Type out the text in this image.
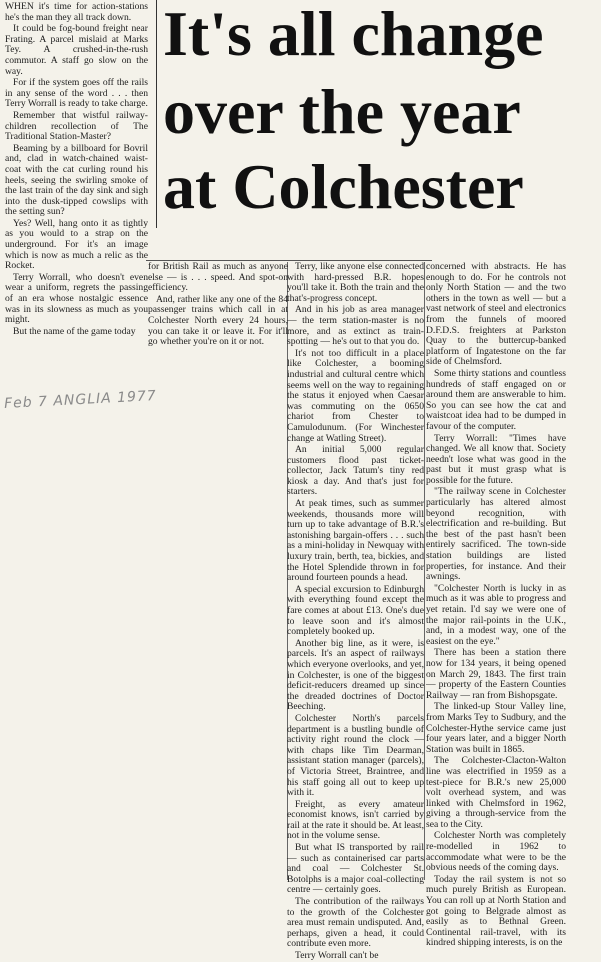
It's all change
over the year
at Colchester

WHEN it's time for action-stations he's the man they all track down.

It could be fog-bound freight near Frating. A parcel mislaid at Marks Tey. A crushed-in-the-rush commutor. A staff go slow on the way.

For if the system goes off the rails in any sense of the word . . . then Terry Worrall is ready to take charge.

Remember that wistful railway-children recollection of The Traditional Station-Master?

Beaming by a billboard for Bovril and, clad in watch-chained waist-coat with the cat curling round his heels, seeing the swirling smoke of the last train of the day sink and sigh into the dusk-tipped cowslips with the setting sun?

Yes? Well, hang onto it as tightly as you would to a strap on the underground. For it's an image which is now as much a relic as the Rocket.

Terry Worrall, who doesn't even wear a uniform, regrets the passing of an era whose nostalgic essence was in its slowness as much as you might.

But the name of the game today

for British Rail as much as anyone else — is . . . speed. And spot-on efficiency.

And, rather like any one of the 84 passenger trains which call in at Colchester North every 24 hours, you can take it or leave it. For it'll go whether you're on it or not.

Terry, like anyone else connected with hard-pressed B.R. hopes you'll take it. Both the train and the that's-progress concept.

And in his job as area manager — the term station-master is no more, and as extinct as train-spotting — he's out to that you do.

It's not too difficult in a place like Colchester, a booming industrial and cultural centre which seems well on the way to regaining the status it enjoyed when Caesar was commuting on the 0650 chariot from Chester to Camulodunum. (For Winchester change at Watling Street).

An initial 5,000 regular customers flood past ticket-collector, Jack Tatum's tiny red kiosk a day. And that's just for starters.

At peak times, such as summer weekends, thousands more will turn up to take advantage of B.R.'s astonishing bargain-offers . . . such as a mini-holiday in Newquay with luxury train, berth, tea, bickies, and the Hotel Splendide thrown in for around fourteen pounds a head.

A special excursion to Edinburgh with everything found except the fare comes at about £13. One's due to leave soon and it's almost completely booked up.

Another big line, as it were, is parcels. It's an aspect of railways which everyone overlooks, and yet, in Colchester, is one of the biggest deficit-reducers dreamed up since the dreaded doctrines of Doctor Beeching.

Colchester North's parcels department is a bustling bundle of activity right round the clock — with chaps like Tim Dearman, assistant station manager (parcels), of Victoria Street, Braintree, and his staff going all out to keep up with it.

Freight, as every amateur economist knows, isn't carried by rail at the rate it should be. At least, not in the volume sense.

But what IS transported by rail — such as containerised car parts and coal — Colchester St. Botolphs is a major coal-collecting centre — certainly goes.

The contribution of the railways to the growth of the Colchester area must remain undisputed. And, perhaps, given a head, it could contribute even more.

Terry Worrall can't be

concerned with abstracts. He has enough to do. For he controls not only North Station — and the two others in the town as well — but a vast network of steel and electronics from the funnels of moored D.F.D.S. freighters at Parkston Quay to the buttercup-banked platform of Ingatestone on the far side of Chelmsford.

Some thirty stations and countless hundreds of staff engaged on or around them are answerable to him. So you can see how the cat and waistcoat idea had to be dumped in favour of the computer.

Terry Worrall: "Times have changed. We all know that. Society needn't lose what was good in the past but it must grasp what is possible for the future.

"The railway scene in Colchester particularly has altered almost beyond recognition, with electrification and re-building. But the best of the past hasn't been entirely sacrificed. The town-side station buildings are listed properties, for instance. And their awnings.

"Colchester North is lucky in as much as it was able to progress and yet retain. I'd say we were one of the major rail-points in the U.K., and, in a modest way, one of the easiest on the eye."

There has been a station there now for 134 years, it being opened on March 29, 1843. The first train — property of the Eastern Counties Railway — ran from Bishopsgate.

The linked-up Stour Valley line, from Marks Tey to Sudbury, and the Colchester-Hythe service came just four years later, and a bigger North Station was built in 1865.

The Colchester-Clacton-Walton line was electrified in 1959 as a test-piece for B.R.'s new 25,000 volt overhead system, and was linked with Chelmsford in 1962, giving a through-service from the sea to the City.

Colchester North was completely re-modelled in 1962 to accommodate what were to be the obvious needs of the coming days.

Today the rail system is not so much purely British as European. You can roll up at North Station and got going to Belgrade almost as easily as to Bethnal Green. Continental rail-travel, with its kindred shipping interests, is on the

Feb 7 ANGLIA 1977
